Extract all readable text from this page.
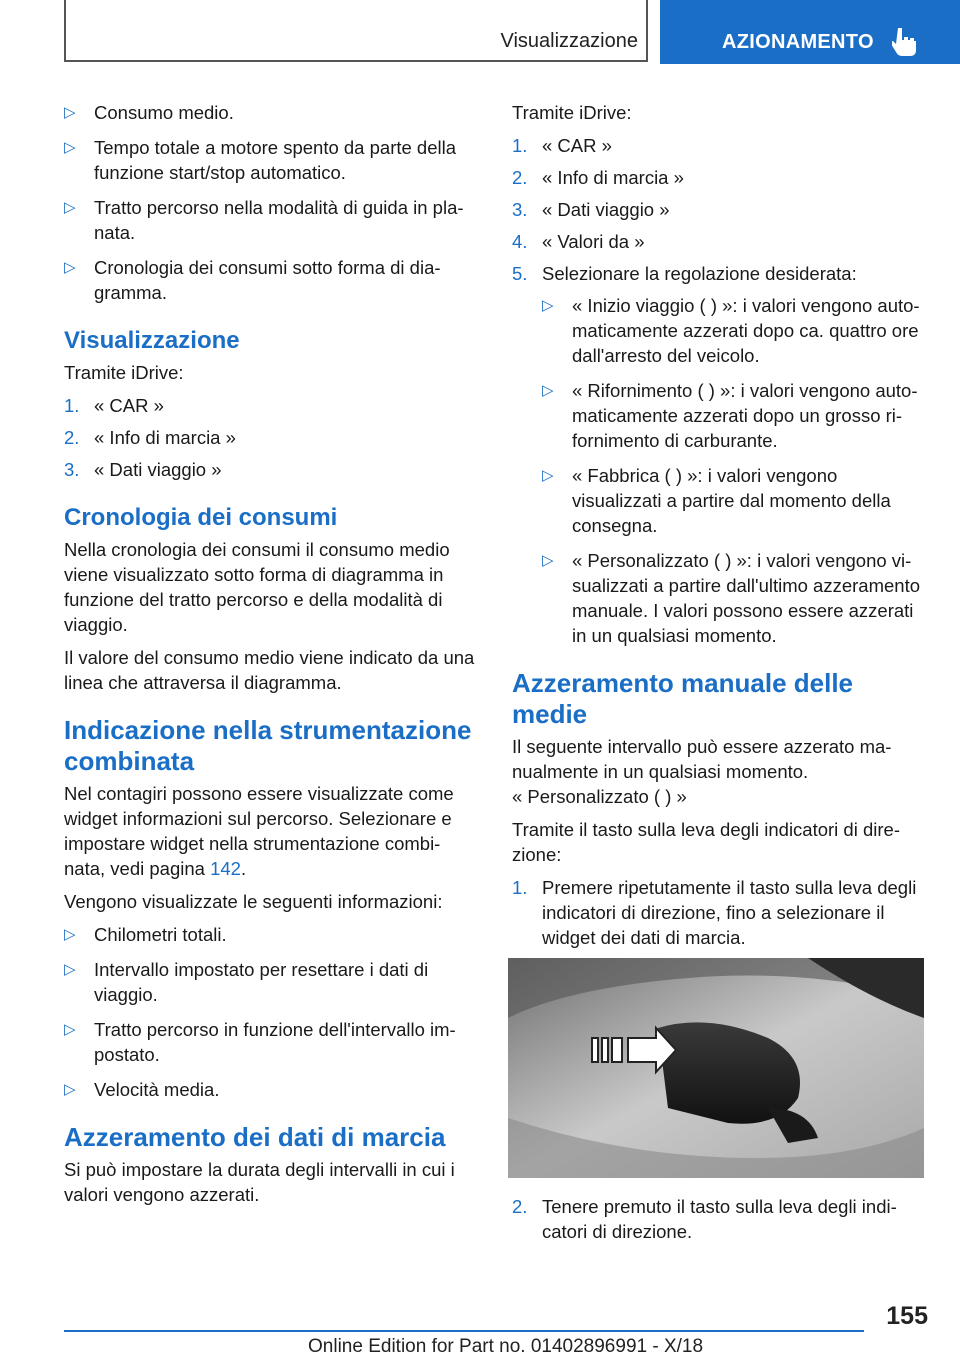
Visualizzazione	AZIONAMENTO
▷ Consumo medio.
▷ Tempo totale a motore spento da parte della funzione start/stop automatico.
▷ Tratto percorso nella modalità di guida in pla‐ nata.
▷ Cronologia dei consumi sotto forma di dia‐ gramma.
Visualizzazione

Tramite iDrive:

1. « CAR »
2. « Info di marcia »
3. « Dati viaggio »
Cronologia dei consumi

Nella cronologia dei consumi il consumo medio viene visualizzato sotto forma di diagramma in funzione del tratto percorso e della modalità di viaggio.

Il valore del consumo medio viene indicato da una linea che attraversa il diagramma.

Indicazione nella strumentazione combinata

Nel contagiri possono essere visualizzate come widget informazioni sul percorso. Selezionare e impostare widget nella strumentazione combi‐ nata, vedi pagina 142.

Vengono visualizzate le seguenti informazioni:

▷ Chilometri totali.
▷ Intervallo impostato per resettare i dati di viaggio.
▷ Tratto percorso in funzione dell'intervallo im‐ postato.
▷ Velocità media.
Azzeramento dei dati di marcia

Si può impostare la durata degli intervalli in cui i valori vengono azzerati.

Tramite iDrive:

1. « CAR »
2. « Info di marcia »
3. « Dati viaggio »
4. « Valori da »
5. Selezionare la regolazione desiderata:
▷ « Inizio viaggio ( ) »: i valori vengono auto‐ maticamente azzerati dopo ca. quattro ore dall'arresto del veicolo.
▷ « Rifornimento ( ) »: i valori vengono auto‐ maticamente azzerati dopo un grosso ri‐ fornimento di carburante.
▷ « Fabbrica ( ) »: i valori vengono visualizzati a partire dal momento della consegna.
▷ « Personalizzato ( ) »: i valori vengono vi‐ sualizzati a partire dall'ultimo azzeramento manuale. I valori possono essere azzerati in un qualsiasi momento.
Azzeramento manuale delle medie

Il seguente intervallo può essere azzerato ma‐ nualmente in un qualsiasi momento.

« Personalizzato ( ) »

Tramite il tasto sulla leva degli indicatori di dire‐ zione:

1. Premere ripetutamente il tasto sulla leva degli indicatori di direzione, fino a selezionare il widget dei dati di marcia.
2. Tenere premuto il tasto sulla leva degli indi‐ catori di direzione.
155
Online Edition for Part no. 01402896991 - X/18
